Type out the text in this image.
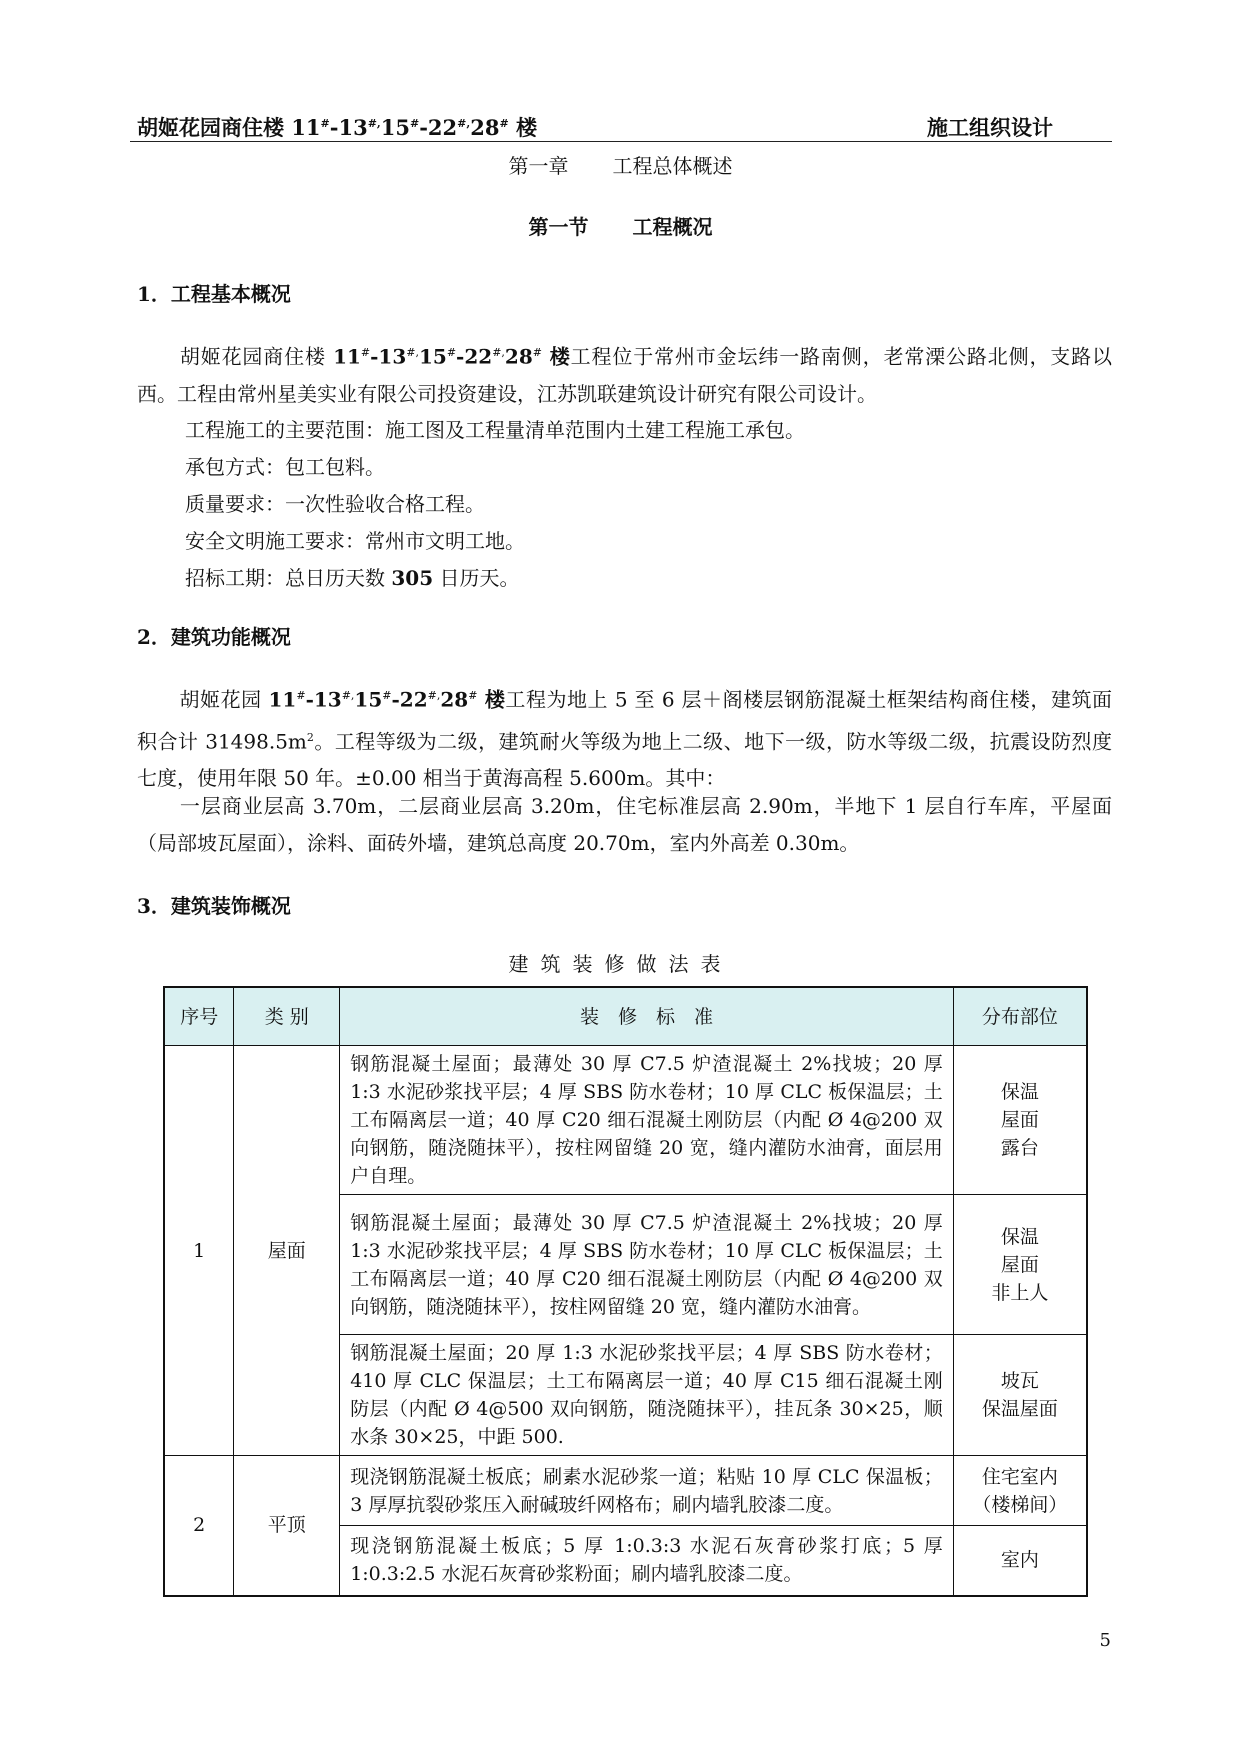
胡姬花园商住楼 11#-13#,15#-22#,28# 楼	施工组织设计
第一章 工程总体概述
第一节 工程概况
1．工程基本概况
胡姬花园商住楼 11#-13#,15#-22#,28# 楼工程位于常州市金坛纬一路南侧，老常溧公路北侧，支路以西。工程由常州星美实业有限公司投资建设，江苏凯联建筑设计研究有限公司设计。
工程施工的主要范围：施工图及工程量清单范围内土建工程施工承包。
承包方式：包工包料。
质量要求：一次性验收合格工程。
安全文明施工要求：常州市文明工地。
招标工期：总日历天数 305 日历天。
2．建筑功能概况
胡姬花园 11#-13#,15#-22#,28# 楼工程为地上 5 至 6 层＋阁楼层钢筋混凝土框架结构商住楼，建筑面积合计 $31498.5m^2$。工程等级为二级，建筑耐火等级为地上二级、地下一级，防水等级二级，抗震设防烈度七度，使用年限 50 年。±0.00 相当于黄海高程 5.600m。其中：
一层商业层高 3.70m，二层商业层高 3.20m，住宅标准层高 2.90m，半地下 1 层自行车库，平屋面（局部坡瓦屋面），涂料、面砖外墙，建筑总高度 20.70m，室内外高差 0.30m。
3．建筑装饰概况
建筑装修做法表
序号	类 别	装　修　标　准	分布部位
1	屋面	钢筋混凝土屋面；最薄处 30 厚 C7.5 炉渣混凝土 2%找坡；20 厚 1:3 水泥砂浆找平层；4 厚 SBS 防水卷材；10 厚 CLC 板保温层；土工布隔离层一道；40 厚 C20 细石混凝土刚防层（内配 Ø 4@200 双向钢筋，随浇随抹平），按柱网留缝 20 宽，缝内灌防水油膏，面层用户自理。	保温
屋面
露台
		钢筋混凝土屋面；最薄处 30 厚 C7.5 炉渣混凝土 2%找坡；20 厚 1:3 水泥砂浆找平层；4 厚 SBS 防水卷材；10 厚 CLC 板保温层；土工布隔离层一道；40 厚 C20 细石混凝土刚防层（内配 Ø 4@200 双向钢筋，随浇随抹平），按柱网留缝 20 宽，缝内灌防水油膏。	保温
屋面
非上人
		钢筋混凝土屋面；20 厚 1:3 水泥砂浆找平层；4 厚 SBS 防水卷材；410 厚 CLC 保温层；土工布隔离层一道；40 厚 C15 细石混凝土刚防层（内配 Ø 4@500 双向钢筋，随浇随抹平），挂瓦条 30×25，顺水条 30×25，中距 500.	坡瓦
保温屋面
2	平顶	现浇钢筋混凝土板底；刷素水泥砂浆一道；粘贴 10 厚 CLC 保温板；3 厚厚抗裂砂浆压入耐碱玻纤网格布；刷内墙乳胶漆二度。	住宅室内
（楼梯间）
		现浇钢筋混凝土板底；5 厚 1:0.3:3 水泥石灰膏砂浆打底；5 厚 1:0.3:2.5 水泥石灰膏砂浆粉面；刷内墙乳胶漆二度。	室内
5
